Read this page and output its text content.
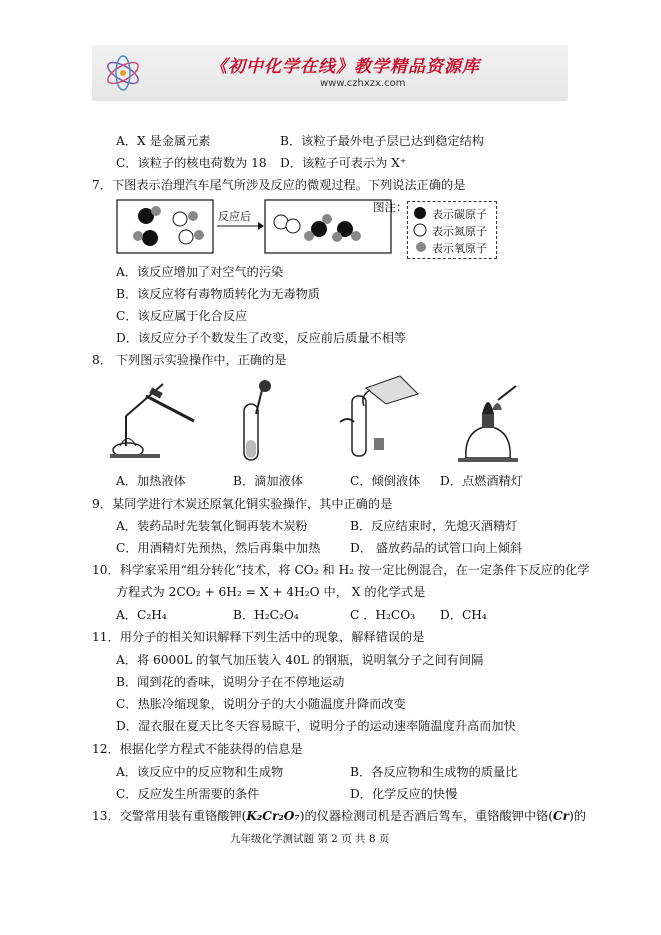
《初中化学在线》教学精品资源库
www.czhxzx.com
A．X 是金属元素	B．该粒子最外电子层已达到稳定结构
C．该粒子的核电荷数为 18 D．该粒子可表示为 X⁺
7．下图表示治理汽车尾气所涉及反应的微观过程。下列说法正确的是
反应后
图注：
表示碳原子
表示氮原子
表示氧原子
A．该反应增加了对空气的污染
B．该反应将有毒物质转化为无毒物质
C．该反应属于化合反应
D．该反应分子个数发生了改变，反应前后质量不相等
8． 下列图示实验操作中，正确的是
A．加热液体	B．滴加液体	C．倾倒液体 D．点燃酒精灯
9．某同学进行木炭还原氧化铜实验操作，其中正确的是
A．装药品时先装氧化铜再装木炭粉	B．反应结束时，先熄灭酒精灯
C．用酒精灯先预热，然后再集中加热 D． 盛放药品的试管口向上倾斜
10．科学家采用“组分转化”技术，将 CO₂ 和 H₂ 按一定比例混合，在一定条件下反应的化学
方程式为 2CO₂ + 6H₂ = X + 4H₂O 中， X 的化学式是
A．C₂H₄	B．H₂C₂O₄	C ．H₂CO₃ D．CH₄
11．用分子的相关知识解释下列生活中的现象，解释错误的是
A．将 6000L 的氧气加压装入 40L 的钢瓶，说明氧分子之间有间隔
B．闻到花的香味，说明分子在不停地运动
C．热胀冷缩现象，说明分子的大小随温度升降而改变
D．湿衣服在夏天比冬天容易晾干，说明分子的运动速率随温度升高而加快
12．根据化学方程式不能获得的信息是
A．该反应中的反应物和生成物	B．各反应物和生成物的质量比
C．反应发生所需要的条件	D．化学反应的快慢
13．交警常用装有重铬酸钾(K₂Cr₂O₇)的仪器检测司机是否酒后驾车，重铬酸钾中铬(Cr)的
九年级化学测试题 第 2 页 共 8 页
